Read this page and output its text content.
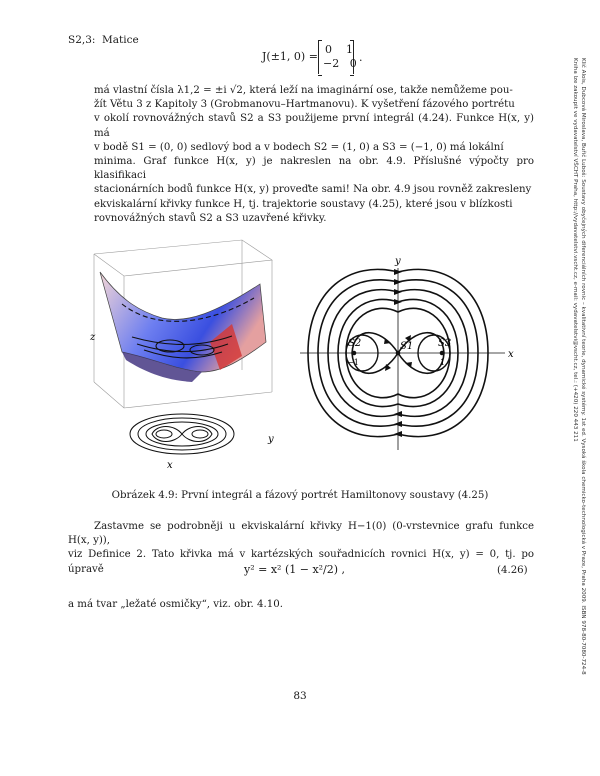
S2,3: Matice
J(±1, 0) =
0    1
−2   0 .
má vlastní čísla λ1,2 = ±i √2, která leží na imaginární ose, takže nemůžeme pou-
žít Větu 3 z Kapitoly 3 (Grobmanovu–Hartmanovu). K vyšetření fázového portrétu
v okolí rovnovážných stavů S2 a S3 použijeme první integrál (4.24). Funkce H(x, y) má
v bodě S1 = (0, 0) sedlový bod a v bodech S2 = (1, 0) a S3 = (−1, 0) má lokální
minima. Graf funkce H(x, y) je nakreslen na obr. 4.9. Příslušné výpočty pro klasifikaci
stacionárních bodů funkce H(x, y) proveďte sami! Na obr. 4.9 jsou rovněž zakresleny
ekviskalární křivky funkce H, tj. trajektorie soustavy (4.25), které jsou v blízkosti
rovnovážných stavů S2 a S3 uzavřené křivky.
z
x
y
x
y
S1
S2	S3
−1	1
Obrázek 4.9: První integrál a fázový portrét Hamiltonovy soustavy (4.25)
Zastavme se podrobněji u ekviskalární křivky H−1(0) (0-vrstevnice grafu funkce H(x, y)),
viz Definice 2. Tato křivka má v kartézských souřadnicích rovnici H(x, y) = 0, tj. po úpravě	y² = x² (1 − x²/2) ,	(4.26)
a má tvar „ležaté osmičky“, viz. obr. 4.10.
83
Klič Alois, Dubcová Miroslava, Buřič Luboš: Soustavy obyčejných diferenciálních rovnic – kvalitativní teorie, dynamické systémy. 1st ed. Vysoká škola chemicko-technologická v Praze, Praha 2009. ISBN 978-80-7080-724-8
Kniha lze zakoupit ve vydavatelství VŠCHT Praha, http://vydavatelstvi.vscht.cz, e-mail: vydavatelstvi@vscht.cz, tel.: (+420) 220 443 211
